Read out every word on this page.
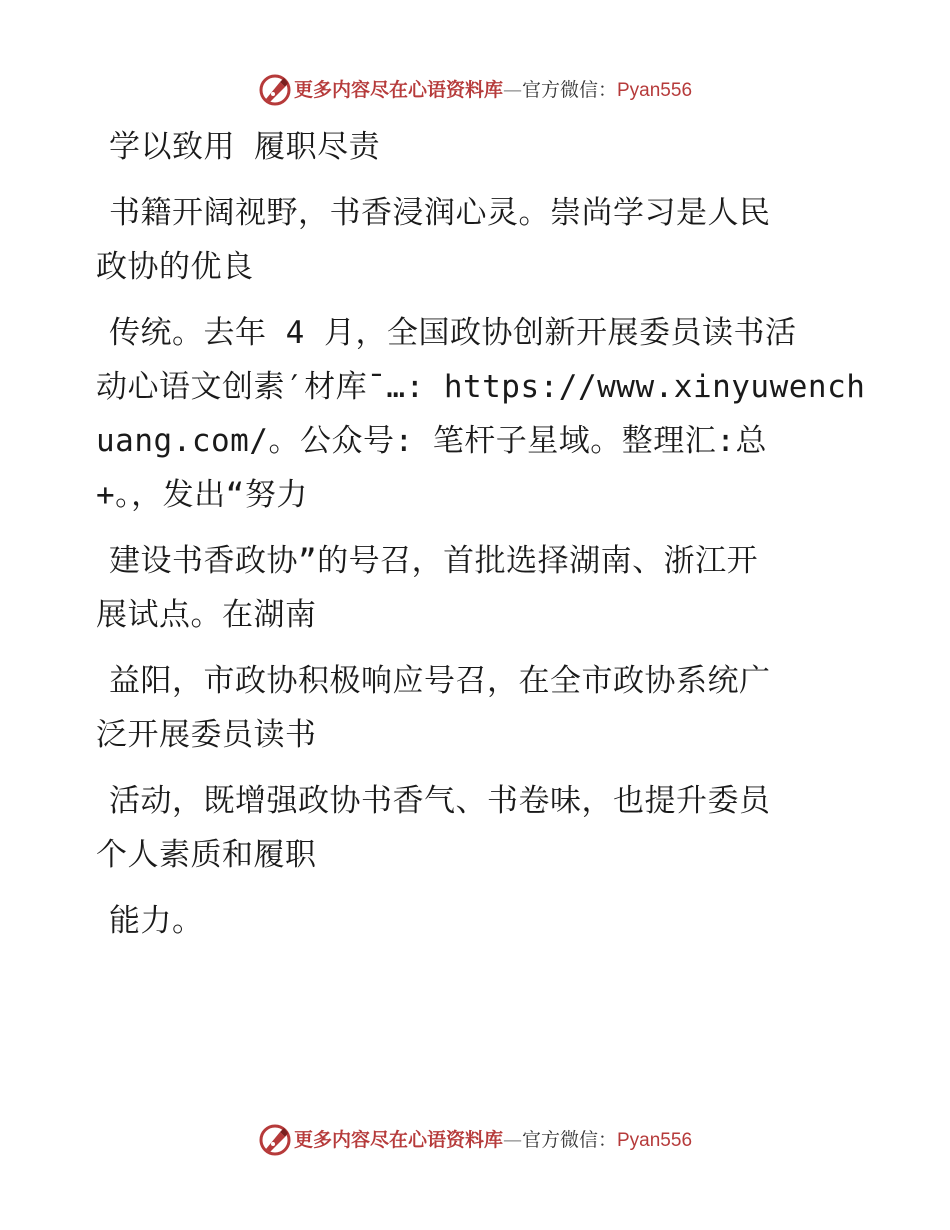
更多内容尽在心语资料库 — 官方微信： Pyan556
学以致用 履职尽责
书籍开阔视野，书香浸润心灵。崇尚学习是人民
政协的优良
传统。去年 4 月，全国政协创新开展委员读书活
动心语文创素′材库¯…: https://www.xinyuwench
uang.com/。公众号: 笔杆子星域。整理汇:总
+。，发出“努力
建设书香政协”的号召，首批选择湖南、浙江开
展试点。在湖南
益阳，市政协积极响应号召，在全市政协系统广
泛开展委员读书
活动，既增强政协书香气、书卷味，也提升委员
个人素质和履职
能力。
更多内容尽在心语资料库 — 官方微信： Pyan556
